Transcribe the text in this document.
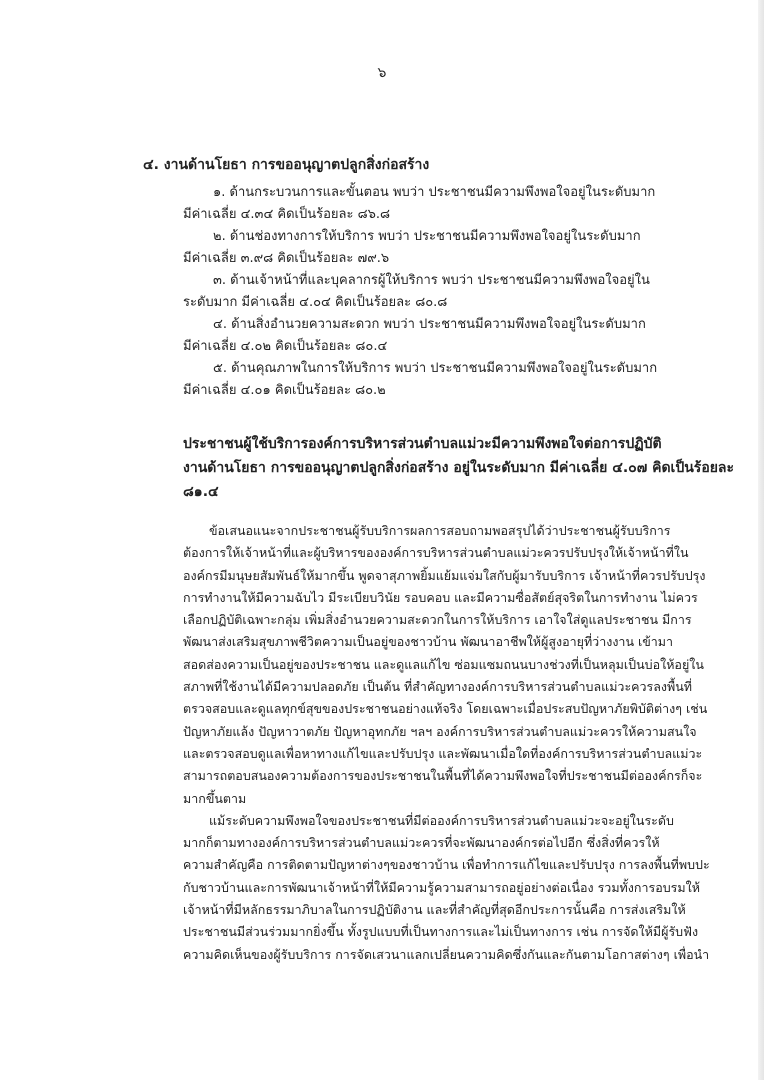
๖
๔. งานด้านโยธา การขออนุญาตปลูกสิ่งก่อสร้าง
๑. ด้านกระบวนการและขั้นตอน พบว่า ประชาชนมีความพึงพอใจอยู่ในระดับมาก
มีค่าเฉลี่ย ๔.๓๔ คิดเป็นร้อยละ ๘๖.๘
๒. ด้านช่องทางการให้บริการ พบว่า ประชาชนมีความพึงพอใจอยู่ในระดับมาก
มีค่าเฉลี่ย ๓.๙๘ คิดเป็นร้อยละ ๗๙.๖
๓. ด้านเจ้าหน้าที่และบุคลากรผู้ให้บริการ พบว่า ประชาชนมีความพึงพอใจอยู่ใน
ระดับมาก มีค่าเฉลี่ย ๔.๐๔ คิดเป็นร้อยละ ๘๐.๘
๔. ด้านสิ่งอำนวยความสะดวก พบว่า ประชาชนมีความพึงพอใจอยู่ในระดับมาก
มีค่าเฉลี่ย ๔.๐๒ คิดเป็นร้อยละ ๘๐.๔
๕. ด้านคุณภาพในการให้บริการ พบว่า ประชาชนมีความพึงพอใจอยู่ในระดับมาก
มีค่าเฉลี่ย ๔.๐๑ คิดเป็นร้อยละ ๘๐.๒
ประชาชนผู้ใช้บริการองค์การบริหารส่วนตำบลแม่วะมีความพึงพอใจต่อการปฏิบัติ
งานด้านโยธา การขออนุญาตปลูกสิ่งก่อสร้าง อยู่ในระดับมาก มีค่าเฉลี่ย ๔.๐๗ คิดเป็นร้อยละ
๘๑.๔
ข้อเสนอแนะจากประชาชนผู้รับบริการผลการสอบถามพอสรุปได้ว่าประชาชนผู้รับบริการ
ต้องการให้เจ้าหน้าที่และผู้บริหารขององค์การบริหารส่วนตำบลแม่วะควรปรับปรุงให้เจ้าหน้าที่ใน
องค์กรมีมนุษยสัมพันธ์ให้มากขึ้น พูดจาสุภาพยิ้มแย้มแจ่มใสกับผู้มารับบริการ เจ้าหน้าที่ควรปรับปรุง
การทำงานให้มีความฉับไว มีระเบียบวินัย รอบคอบ และมีความซื่อสัตย์สุจริตในการทำงาน ไม่ควร
เลือกปฏิบัติเฉพาะกลุ่ม เพิ่มสิ่งอำนวยความสะดวกในการให้บริการ เอาใจใส่ดูแลประชาชน มีการ
พัฒนาส่งเสริมสุขภาพชีวิตความเป็นอยู่ของชาวบ้าน พัฒนาอาชีพให้ผู้สูงอายุที่ว่างงาน เข้ามา
สอดส่องความเป็นอยู่ของประชาชน และดูแลแก้ไข ซ่อมแซมถนนบางช่วงที่เป็นหลุมเป็นบ่อให้อยู่ใน
สภาพที่ใช้งานได้มีความปลอดภัย เป็นต้น ที่สำคัญทางองค์การบริหารส่วนตำบลแม่วะควรลงพื้นที่
ตรวจสอบและดูแลทุกข์สุขของประชาชนอย่างแท้จริง โดยเฉพาะเมื่อประสบปัญหาภัยพิบัติต่างๆ เช่น
ปัญหาภัยแล้ง ปัญหาวาตภัย ปัญหาอุทกภัย ฯลฯ องค์การบริหารส่วนตำบลแม่วะควรให้ความสนใจ
และตรวจสอบดูแลเพื่อหาทางแก้ไขและปรับปรุง และพัฒนาเมื่อใดที่องค์การบริหารส่วนตำบลแม่วะ
สามารถตอบสนองความต้องการของประชาชนในพื้นที่ได้ความพึงพอใจที่ประชาชนมีต่อองค์กรก็จะ
มากขึ้นตาม
แม้ระดับความพึงพอใจของประชาชนที่มีต่อองค์การบริหารส่วนตำบลแม่วะจะอยู่ในระดับ
มากก็ตามทางองค์การบริหารส่วนตำบลแม่วะควรที่จะพัฒนาองค์กรต่อไปอีก ซึ่งสิ่งที่ควรให้
ความสำคัญคือ การติดตามปัญหาต่างๆของชาวบ้าน เพื่อทำการแก้ไขและปรับปรุง การลงพื้นที่พบปะ
กับชาวบ้านและการพัฒนาเจ้าหน้าที่ให้มีความรู้ความสามารถอยู่อย่างต่อเนื่อง รวมทั้งการอบรมให้
เจ้าหน้าที่มีหลักธรรมาภิบาลในการปฏิบัติงาน และที่สำคัญที่สุดอีกประการนั้นคือ การส่งเสริมให้
ประชาชนมีส่วนร่วมมากยิ่งขึ้น ทั้งรูปแบบที่เป็นทางการและไม่เป็นทางการ เช่น การจัดให้มีผู้รับฟัง
ความคิดเห็นของผู้รับบริการ การจัดเสวนาแลกเปลี่ยนความคิดซึ่งกันและกันตามโอกาสต่างๆ เพื่อนำ
